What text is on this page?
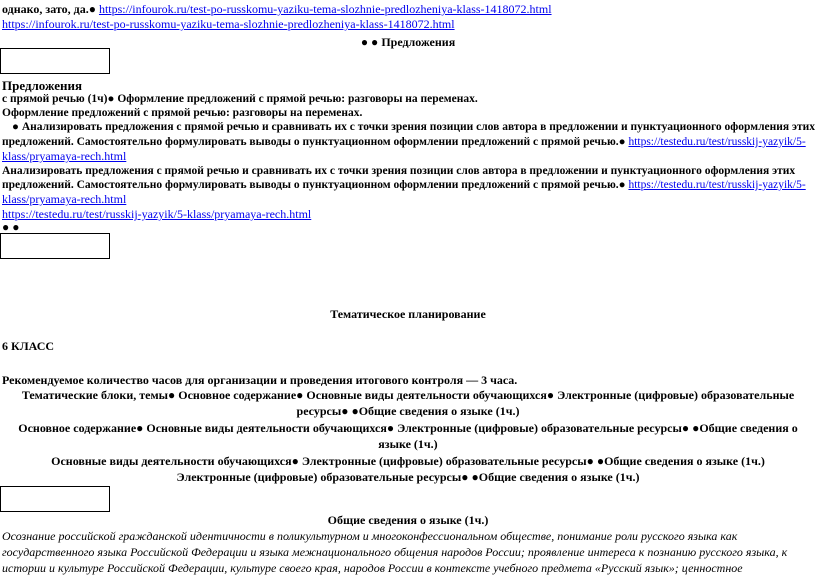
однако, зато, да.● https://infourok.ru/test-po-russkomu-yaziku-tema-slozhnie-predlozheniya-klass-1418072.html
https://infourok.ru/test-po-russkomu-yaziku-tema-slozhnie-predlozheniya-klass-1418072.html
● ● Предложения
Предложения
с прямой речью (1ч)● Оформление предложений с прямой речью: разговоры на переменах.
Оформление предложений с прямой речью: разговоры на переменах.
● Анализировать предложения с прямой речью и сравнивать их с точки зрения позиции слов автора в предложении и пунктуационного оформления этих
предложений. Самостоятельно формулировать выводы о пунктуационном оформлении предложений с прямой речью.● https://testedu.ru/test/russkij-yazyik/5-
klass/pryamaya-rech.html
Анализировать предложения с прямой речью и сравнивать их с точки зрения позиции слов автора в предложении и пунктуационного оформления этих
предложений. Самостоятельно формулировать выводы о пунктуационном оформлении предложений с прямой речью.● https://testedu.ru/test/russkij-yazyik/5-
klass/pryamaya-rech.html
https://testedu.ru/test/russkij-yazyik/5-klass/pryamaya-rech.html
● ●
Тематическое планирование
6 КЛАСС
Рекомендуемое количество часов для организации и проведения итогового контроля — 3 часа.
Тематические блоки, темы● Основное содержание● Основные виды деятельности обучающихся● Электронные (цифровые) образовательные
ресурсы● ●Общие сведения о языке (1ч.)
Основное содержание● Основные виды деятельности обучающихся● Электронные (цифровые) образовательные ресурсы● ●Общие сведения о
языке (1ч.)
Основные виды деятельности обучающихся● Электронные (цифровые) образовательные ресурсы● ●Общие сведения о языке (1ч.)
Электронные (цифровые) образовательные ресурсы● ●Общие сведения о языке (1ч.)
Общие сведения о языке (1ч.)
Осознание российской гражданской идентичности в поликультурном и многоконфессиональном обществе, понимание роли русского языка как
государственного языка Российской Федерации и языка межнационального общения народов России; проявление интереса к познанию русского языка, к
истории и культуре Российской Федерации, культуре своего края, народов России в контексте учебного предмета «Русский язык»; ценностное
